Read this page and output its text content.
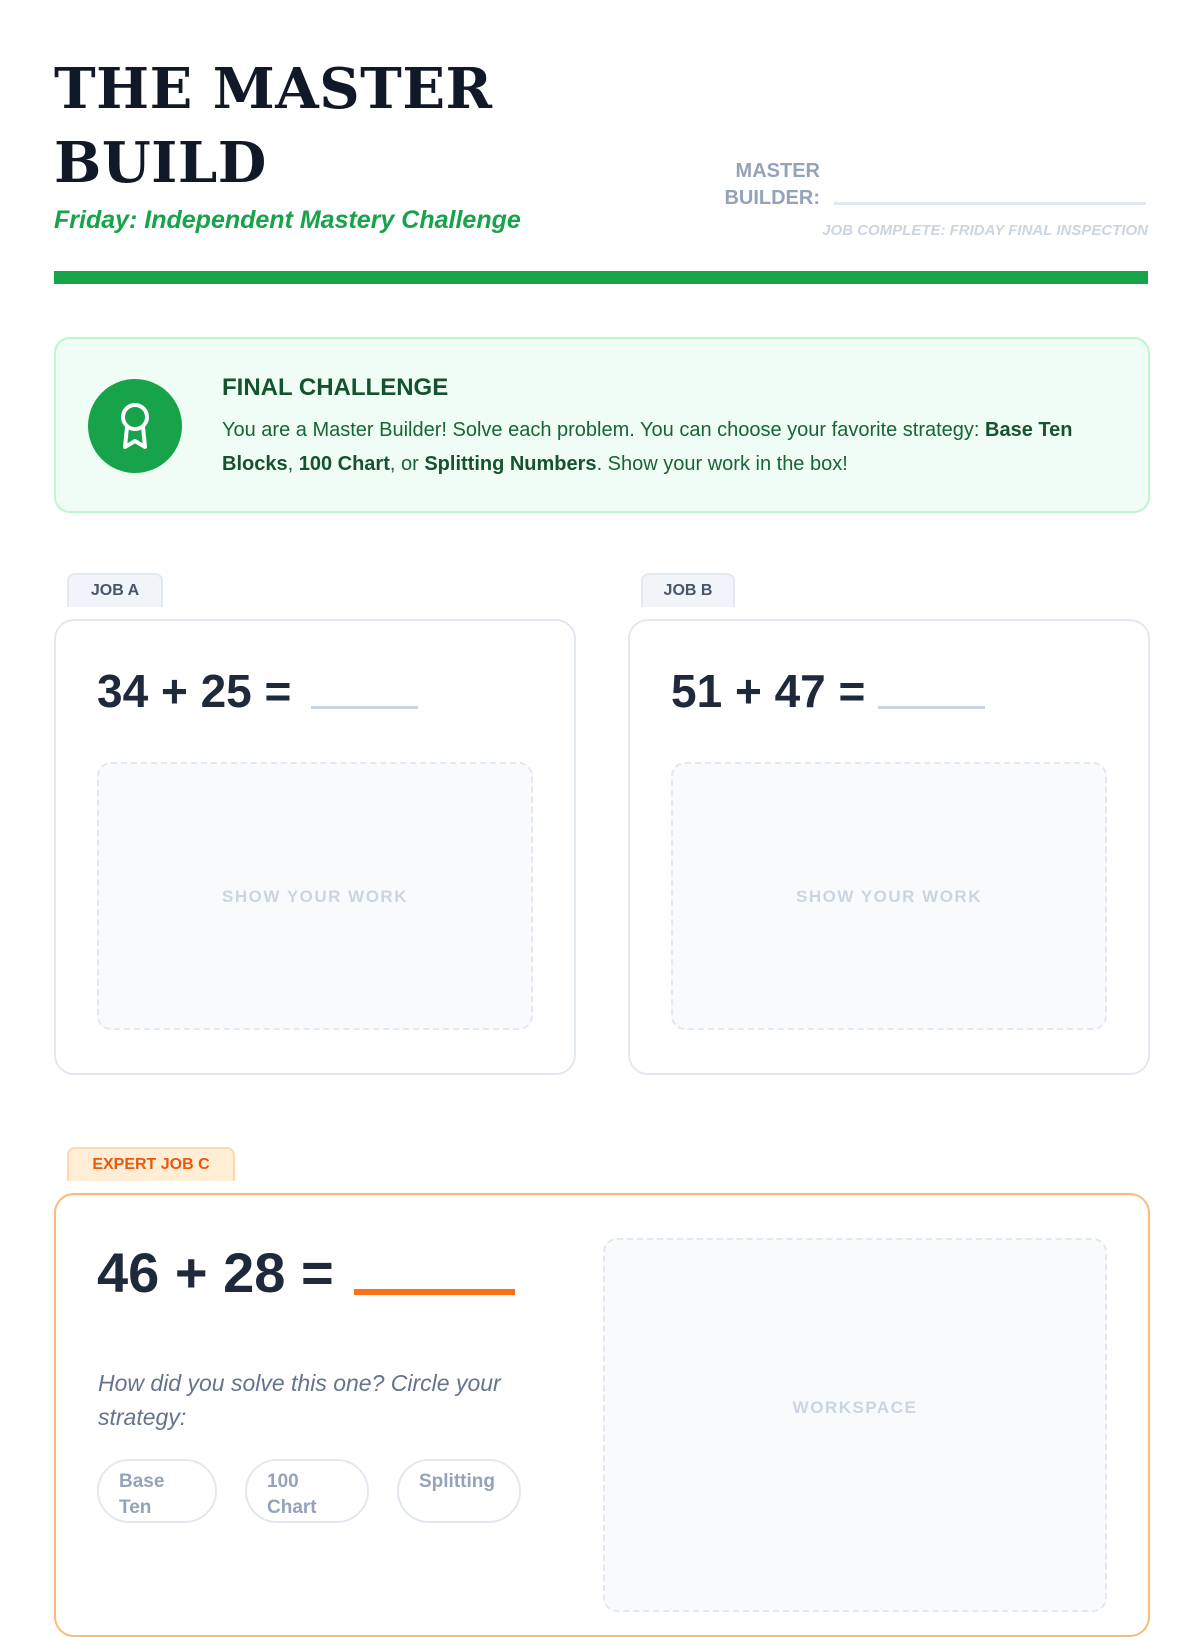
THE MASTER BUILD
Friday: Independent Mastery Challenge
MASTER BUILDER:
JOB COMPLETE: FRIDAY FINAL INSPECTION
FINAL CHALLENGE
You are a Master Builder! Solve each problem. You can choose your favorite strategy: Base Ten Blocks, 100 Chart, or Splitting Numbers. Show your work in the box!
JOB A
34 + 25 =
SHOW YOUR WORK
JOB B
51 + 47 =
SHOW YOUR WORK
EXPERT JOB C
46 + 28 =
How did you solve this one? Circle your strategy:
Base Ten
100 Chart
Splitting
WORKSPACE
